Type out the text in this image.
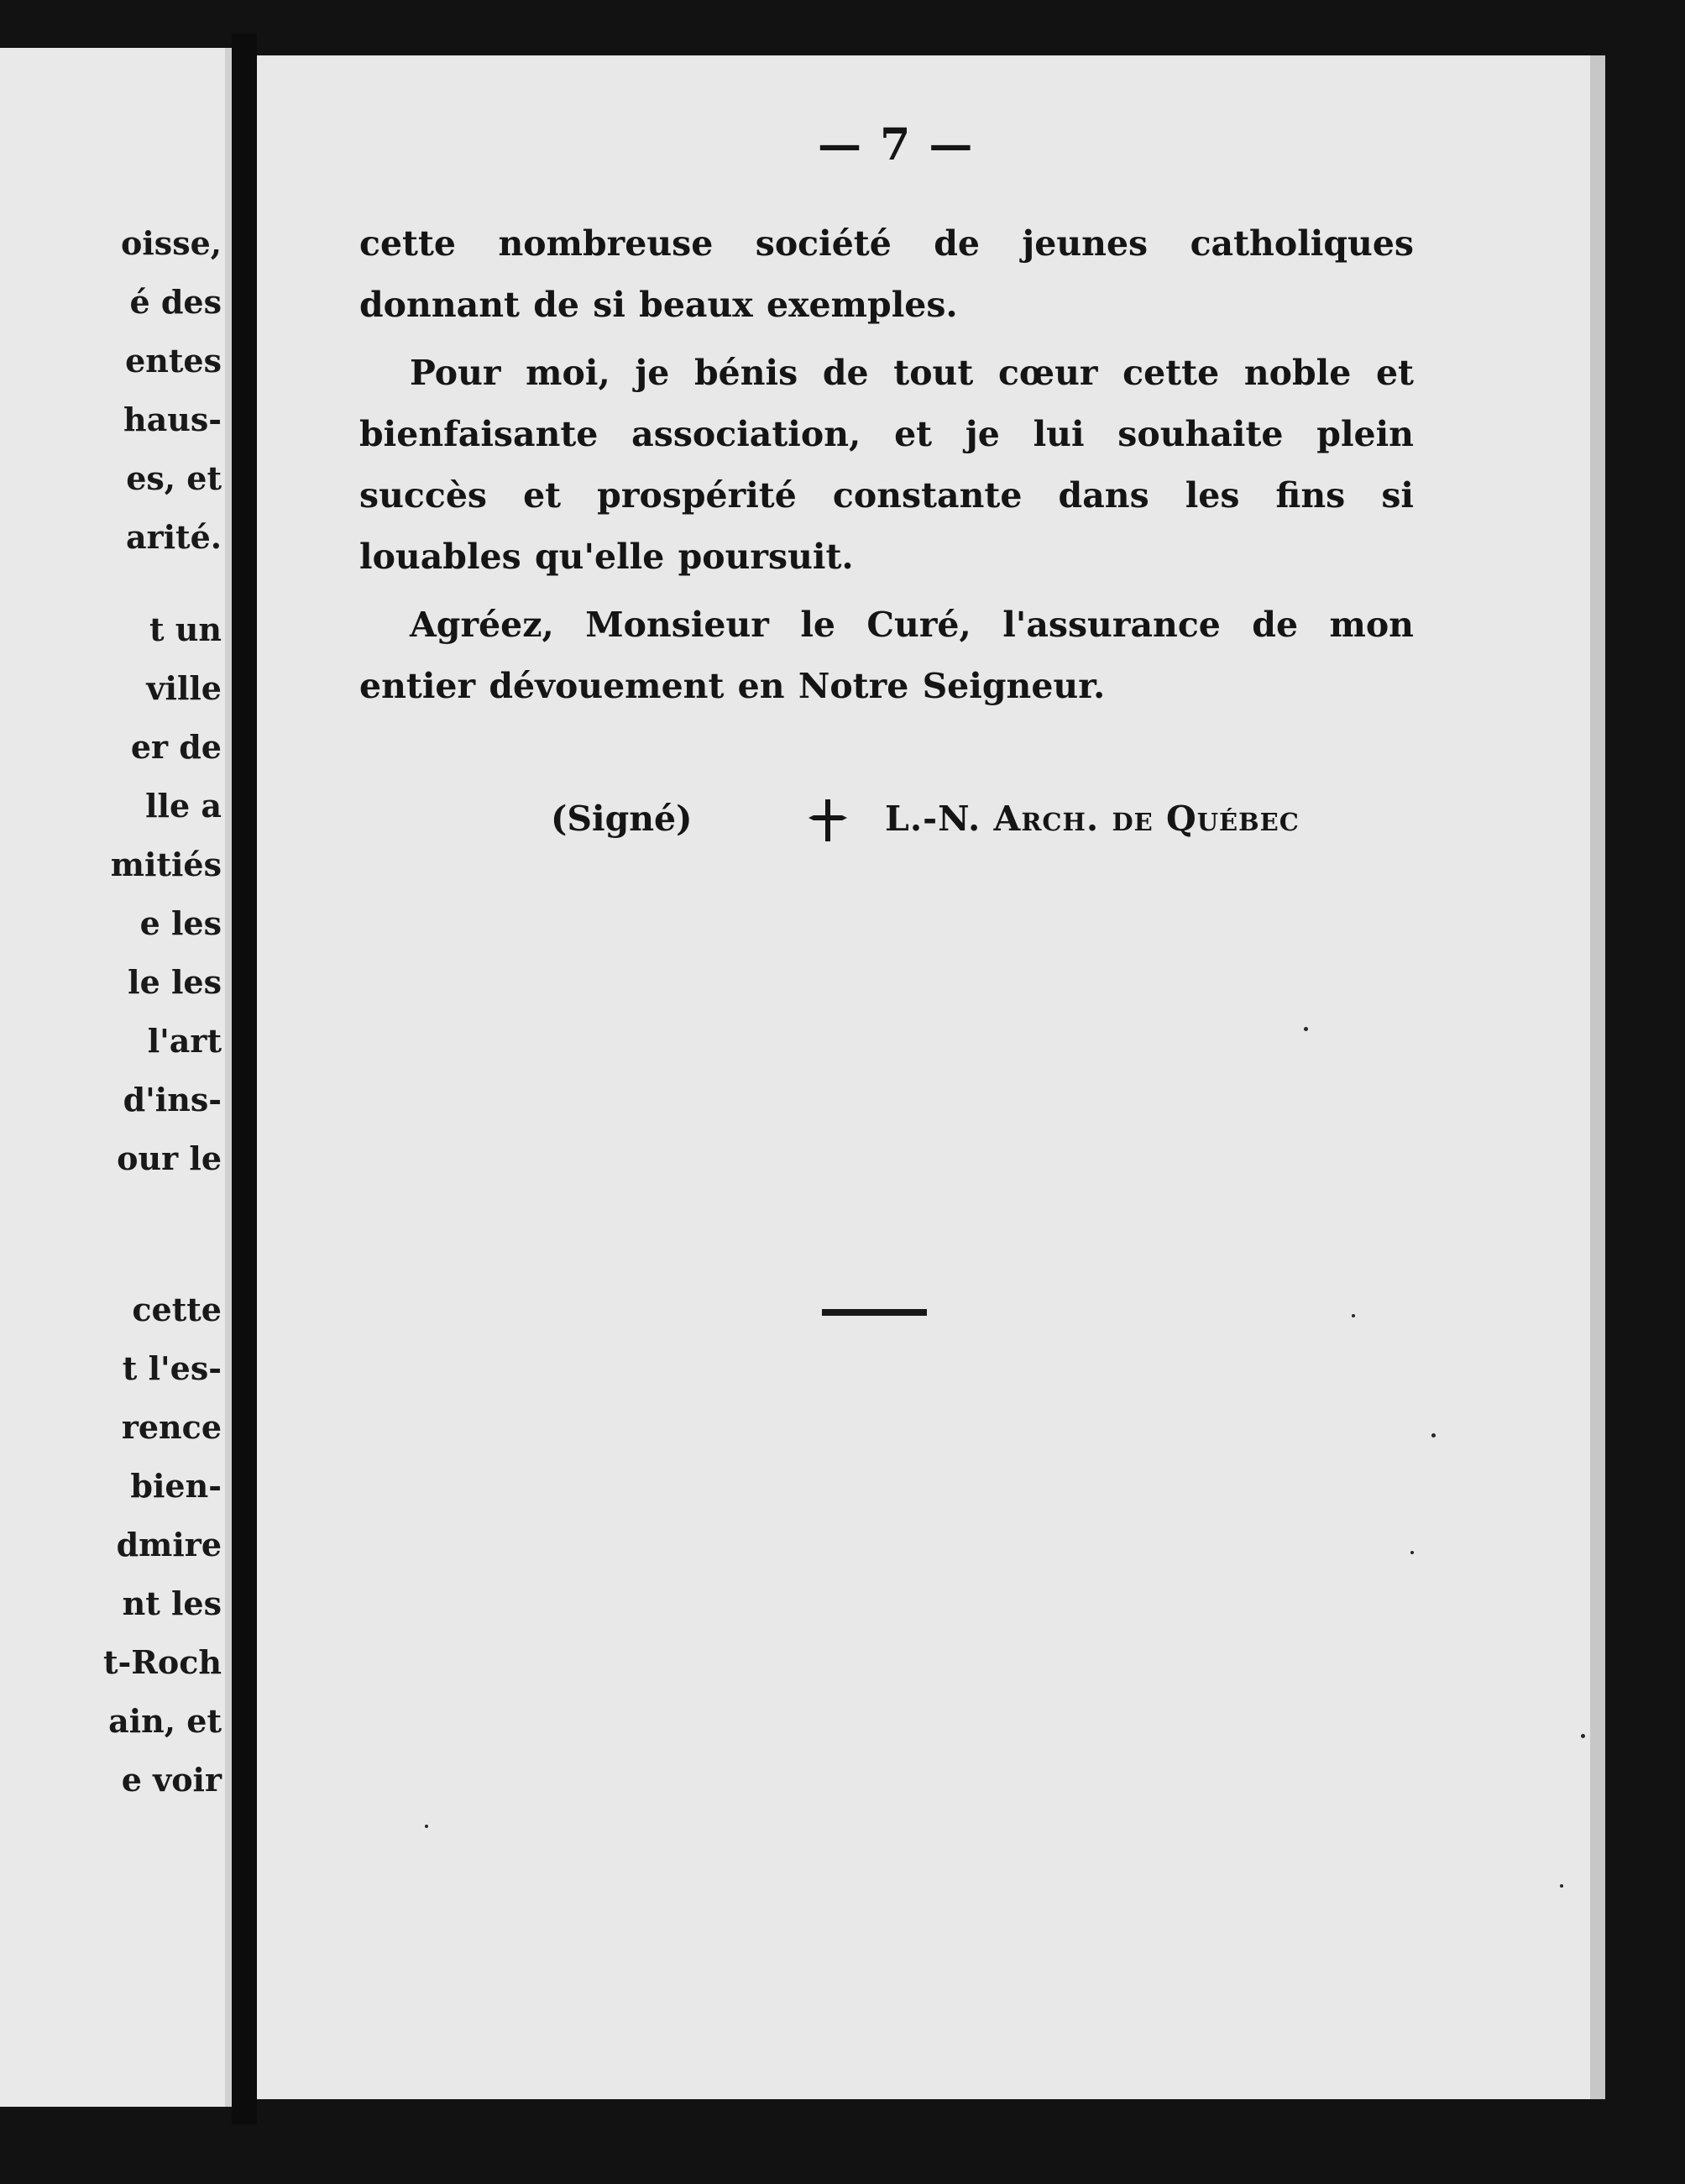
oisse,
é des
entes
haus-
es, et
arité.
t un
ville
er de
lle a
mitiés
e les
le les
l'art
d'ins-
our le
cette
t l'es-
rence
bien-
dmire
nt les
t-Roch
ain, et
e voir
— 7 —

cette nombreuse société de jeunes catholiques donnant de si beaux exemples.

Pour moi, je bénis de tout cœur cette noble et bienfaisante association, et je lui souhaite plein succès et prospérité constante dans les fins si louables qu'elle poursuit.

Agréez, Monsieur le Curé, l'assurance de mon entier dévouement en Notre Seigneur.

(Signé)	L.-N. Arch. de Québec
